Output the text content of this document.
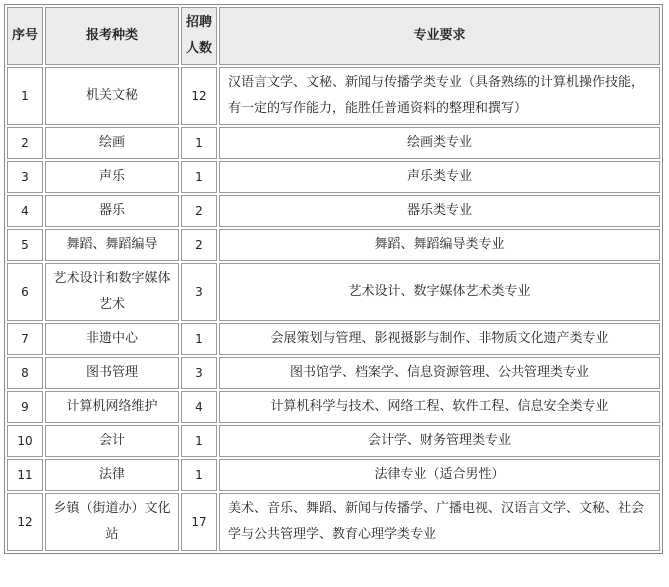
序号	报考种类	招聘人数	专业要求
1	机关文秘	12	汉语言文学、文秘、新闻与传播学类专业（具备熟练的计算机操作技能，有一定的写作能力，能胜任普通资料的整理和撰写）
2	绘画	1	绘画类专业
3	声乐	1	声乐类专业
4	器乐	2	器乐类专业
5	舞蹈、舞蹈编导	2	舞蹈、舞蹈编导类专业
6	艺术设计和数字媒体艺术	3	艺术设计、数字媒体艺术类专业
7	非遗中心	1	会展策划与管理、影视摄影与制作、非物质文化遗产类专业
8	图书管理	3	图书馆学、档案学、信息资源管理、公共管理类专业
9	计算机网络维护	4	计算机科学与技术、网络工程、软件工程、信息安全类专业
10	会计	1	会计学、财务管理类专业
11	法律	1	法律专业（适合男性）
12	乡镇（街道办）文化站	17	美术、音乐、舞蹈、新闻与传播学、广播电视、汉语言文学、文秘、社会学与公共管理学、教育心理学类专业
